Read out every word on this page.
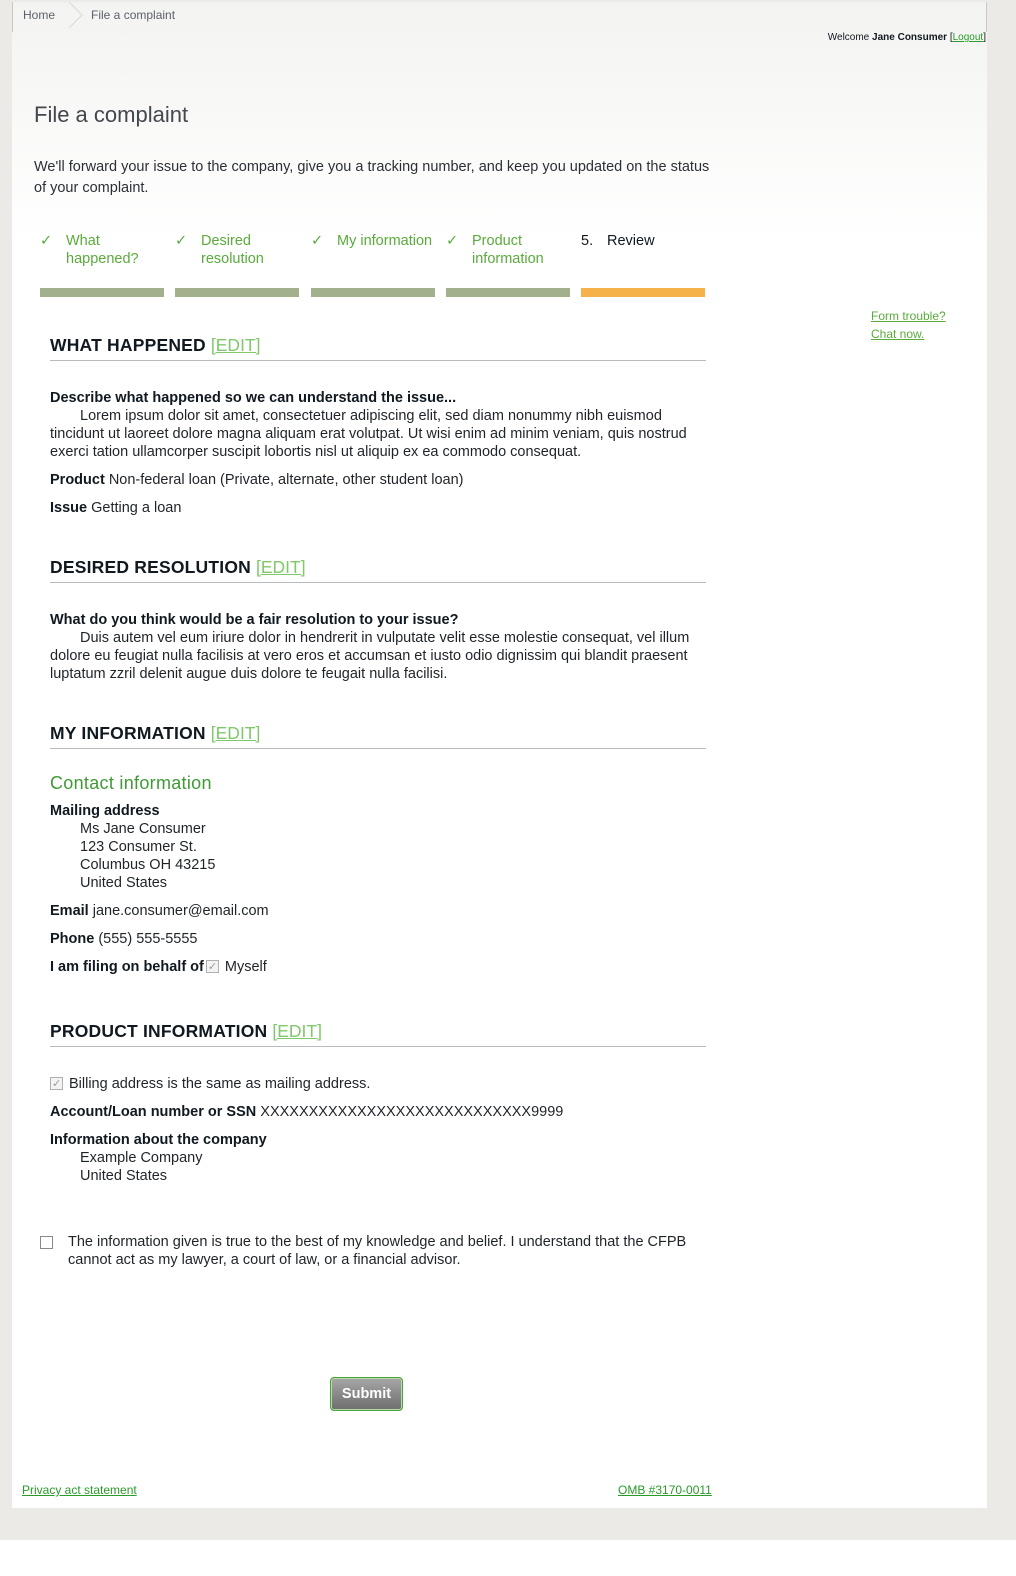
Home	File a complaint
Welcome Jane Consumer [Logout]
File a complaint

We'll forward your issue to the company, give you a tracking number, and keep you updated on the status of your complaint.

✓ What happened?
✓ Desired resolution
✓ My information ✓ Product information
5. Review
Form trouble?
Chat now.
WHAT HAPPENED [EDIT]
Describe what happened so we can understand the issue...

Lorem ipsum dolor sit amet, consectetuer adipiscing elit, sed diam nonummy nibh euismod tincidunt ut laoreet dolore magna aliquam erat volutpat. Ut wisi enim ad minim veniam, quis nostrud exerci tation ullamcorper suscipit lobortis nisl ut aliquip ex ea commodo consequat.

Product Non-federal loan (Private, alternate, other student loan)
Issue Getting a loan
DESIRED RESOLUTION [EDIT]
What do you think would be a fair resolution to your issue?

Duis autem vel eum iriure dolor in hendrerit in vulputate velit esse molestie consequat, vel illum dolore eu feugiat nulla facilisis at vero eros et accumsan et iusto odio dignissim qui blandit praesent luptatum zzril delenit augue duis dolore te feugait nulla facilisi.

MY INFORMATION [EDIT]
Contact information
Mailing address
Ms Jane Consumer
123 Consumer St.
Columbus OH 43215
United States
Email jane.consumer@email.com
Phone (555) 555-5555
I am filing on behalf of✓ Myself
PRODUCT INFORMATION [EDIT]
✓Billing address is the same as mailing address.
Account/Loan number or SSN XXXXXXXXXXXXXXXXXXXXXXXXXXXX9999
Information about the company
Example Company
United States
The information given is true to the best of my knowledge and belief. I understand that the CFPB cannot act as my lawyer, a court of law, or a financial advisor.
Submit
Privacy act statement	OMB #3170-0011
